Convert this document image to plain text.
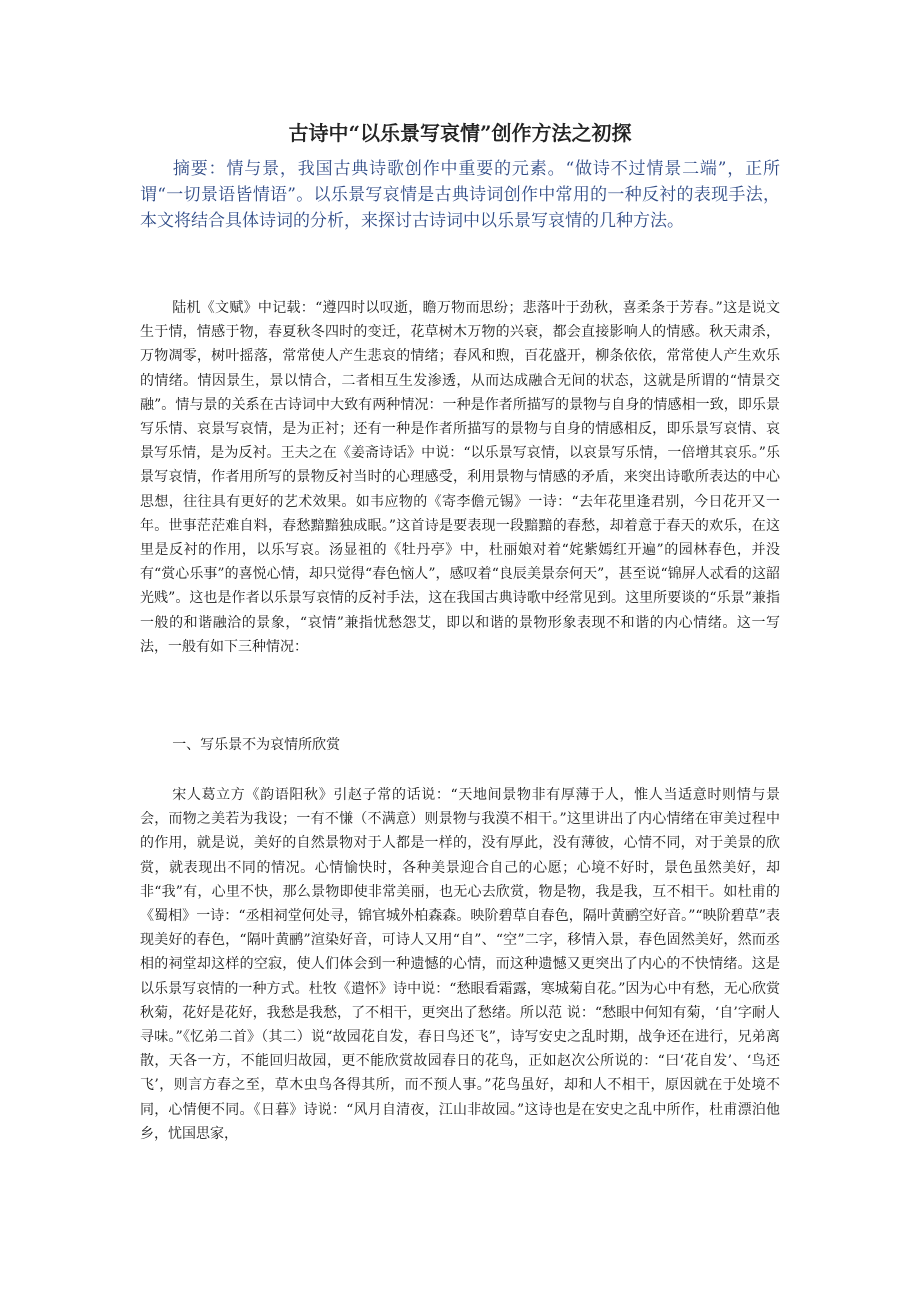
古诗中“以乐景写哀情”创作方法之初探
摘要：情与景，我国古典诗歌创作中重要的元素。“做诗不过情景二端”，正所谓“一切景语皆情语”。以乐景写哀情是古典诗词创作中常用的一种反衬的表现手法，本文将结合具体诗词的分析，来探讨古诗词中以乐景写哀情的几种方法。

陆机《文赋》中记载：“遵四时以叹逝，瞻万物而思纷；悲落叶于劲秋，喜柔条于芳春。”这是说文生于情，情感于物，春夏秋冬四时的变迁，花草树木万物的兴衰，都会直接影响人的情感。秋天肃杀，万物凋零，树叶摇落，常常使人产生悲哀的情绪；春风和煦，百花盛开，柳条依依，常常使人产生欢乐的情绪。情因景生，景以情合，二者相互生发渗透，从而达成融合无间的状态，这就是所谓的“情景交融”。情与景的关系在古诗词中大致有两种情况：一种是作者所描写的景物与自身的情感相一致，即乐景写乐情、哀景写哀情，是为正衬；还有一种是作者所描写的景物与自身的情感相反，即乐景写哀情、哀景写乐情，是为反衬。王夫之在《姜斋诗话》中说：“以乐景写哀情，以哀景写乐情，一倍增其哀乐。”乐景写哀情，作者用所写的景物反衬当时的心理感受，利用景物与情感的矛盾，来突出诗歌所表达的中心思想，往往具有更好的艺术效果。如韦应物的《寄李儋元锡》一诗：“去年花里逢君别，今日花开又一年。世事茫茫难自料，春愁黯黯独成眠。”这首诗是要表现一段黯黯的春愁，却着意于春天的欢乐，在这里是反衬的作用，以乐写哀。汤显祖的《牡丹亭》中，杜丽娘对着“姹紫嫣红开遍”的园林春色，并没有“赏心乐事”的喜悦心情，却只觉得“春色恼人”，感叹着“良辰美景奈何天”，甚至说“锦屏人忒看的这韶光贱”。这也是作者以乐景写哀情的反衬手法，这在我国古典诗歌中经常见到。这里所要谈的“乐景”兼指一般的和谐融洽的景象，“哀情”兼指忧愁怨艾，即以和谐的景物形象表现不和谐的内心情绪。这一写法，一般有如下三种情况：

一、写乐景不为哀情所欣赏

宋人葛立方《韵语阳秋》引赵子常的话说：“天地间景物非有厚薄于人，惟人当适意时则情与景会，而物之美若为我设；一有不慊（不满意）则景物与我漠不相干。”这里讲出了内心情绪在审美过程中的作用，就是说，美好的自然景物对于人都是一样的，没有厚此，没有薄彼，心情不同，对于美景的欣赏，就表现出不同的情况。心情愉快时，各种美景迎合自己的心愿；心境不好时，景色虽然美好，却非“我”有，心里不快，那么景物即使非常美丽，也无心去欣赏，物是物，我是我，互不相干。如杜甫的《蜀相》一诗：“丞相祠堂何处寻，锦官城外柏森森。映阶碧草自春色，隔叶黄鹂空好音。”“映阶碧草”表现美好的春色，“隔叶黄鹂”渲染好音，可诗人又用“自”、“空”二字，移情入景，春色固然美好，然而丞相的祠堂却这样的空寂，使人们体会到一种遗憾的心情，而这种遗憾又更突出了内心的不快情绪。这是以乐景写哀情的一种方式。杜牧《遣怀》诗中说：“愁眼看霜露，寒城菊自花。”因为心中有愁，无心欣赏秋菊，花好是花好，我愁是我愁，了不相干，更突出了愁绪。所以范 说：“愁眼中何知有菊，‘自’字耐人寻味。”《忆弟二首》（其二）说“故园花自发，春日鸟还飞”，诗写安史之乱时期，战争还在进行，兄弟离散，天各一方，不能回归故园，更不能欣赏故园春日的花鸟，正如赵次公所说的：“曰‘花自发’、‘鸟还飞’，则言方春之至，草木虫鸟各得其所，而不预人事。”花鸟虽好，却和人不相干，原因就在于处境不同，心情便不同。《日暮》诗说：“风月自清夜，江山非故园。”这诗也是在安史之乱中所作，杜甫漂泊他乡，忧国思家，
